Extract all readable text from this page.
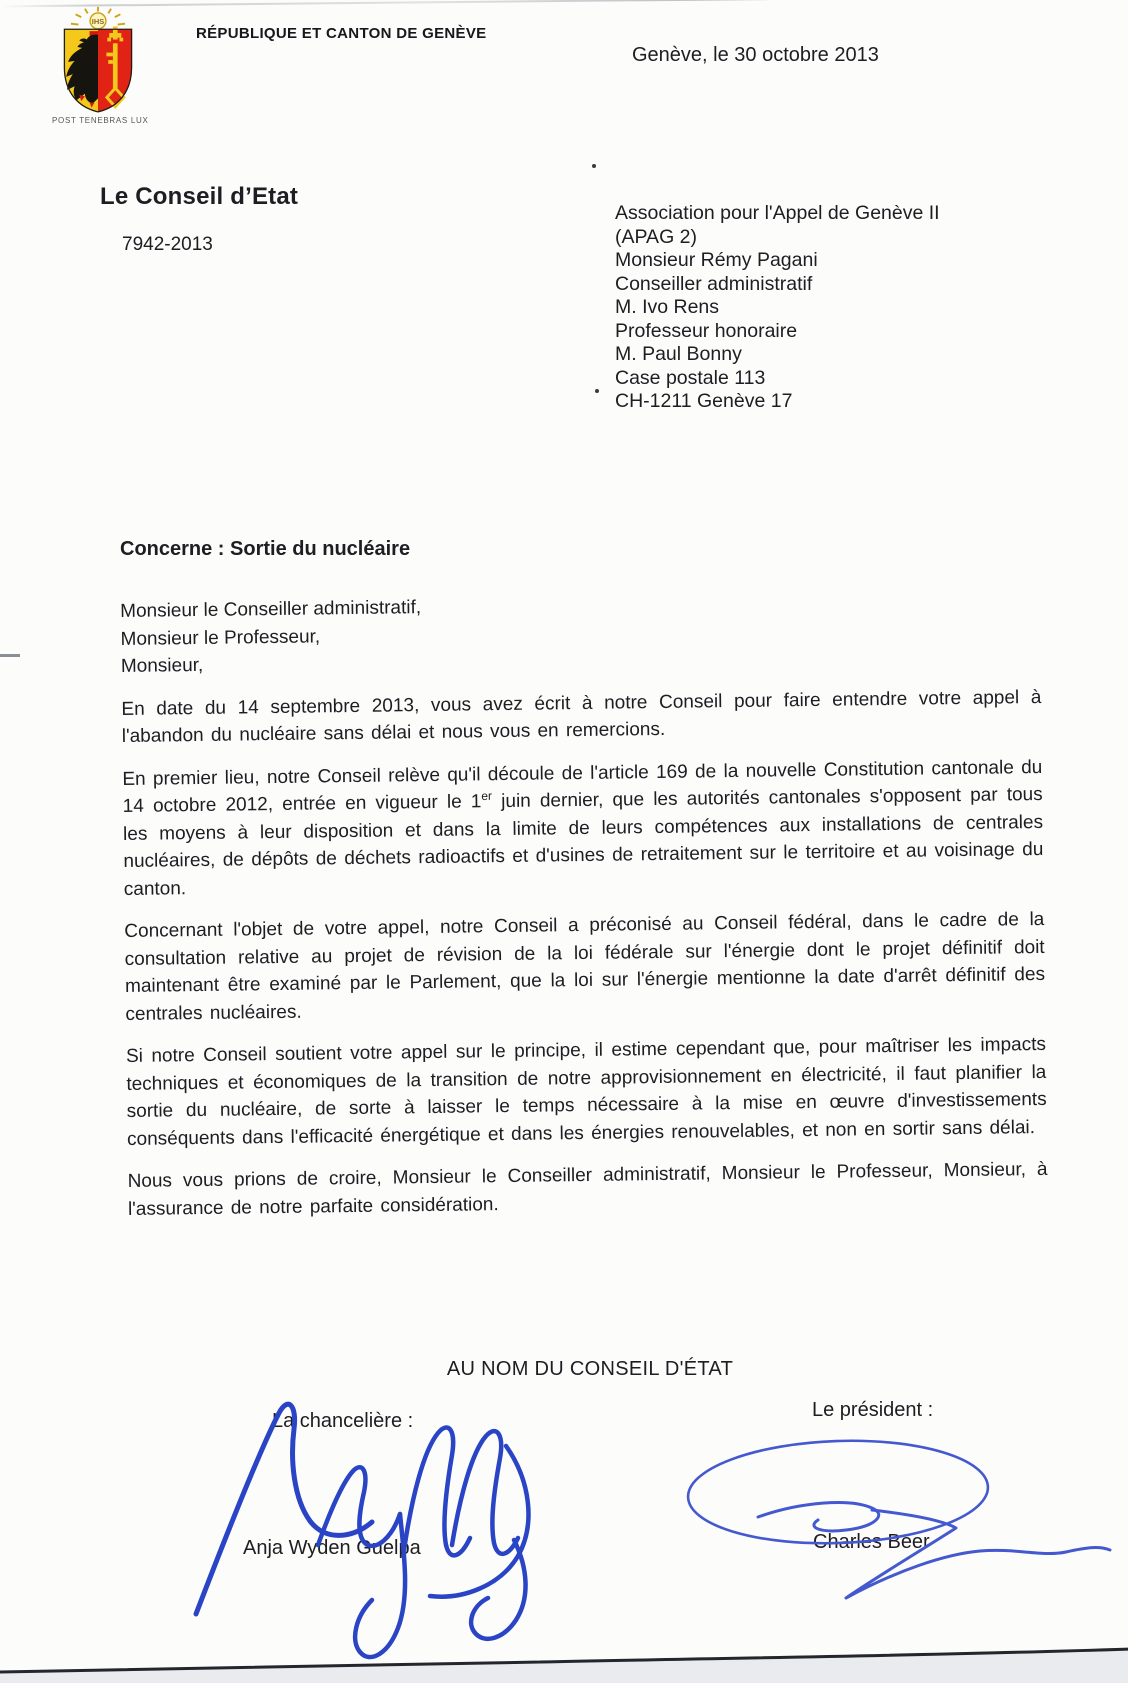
IHS
POST TENEBRAS LUX
RÉPUBLIQUE ET CANTON DE GENÈVE
Genève, le 30 octobre 2013
Le Conseil d’Etat
7942-2013
Association pour l'Appel de Genève II
(APAG 2)
Monsieur Rémy Pagani
Conseiller administratif
M. Ivo Rens
Professeur honoraire
M. Paul Bonny
Case postale 113
CH-1211 Genève 17
Concerne : Sortie du nucléaire
Monsieur le Conseiller administratif,
Monsieur le Professeur,
Monsieur,

En date du 14 septembre 2013, vous avez écrit à notre Conseil pour faire entendre votre appel à l'abandon du nucléaire sans délai et nous vous en remercions.

En premier lieu, notre Conseil relève qu'il découle de l'article 169 de la nouvelle Constitution cantonale du 14 octobre 2012, entrée en vigueur le 1er juin dernier, que les autorités cantonales s'opposent par tous les moyens à leur disposition et dans la limite de leurs compétences aux installations de centrales nucléaires, de dépôts de déchets radioactifs et d'usines de retraitement sur le territoire et au voisinage du canton.

Concernant l'objet de votre appel, notre Conseil a préconisé au Conseil fédéral, dans le cadre de la consultation relative au projet de révision de la loi fédérale sur l'énergie dont le projet définitif doit maintenant être examiné par le Parlement, que la loi sur l'énergie mentionne la date d'arrêt définitif des centrales nucléaires.

Si notre Conseil soutient votre appel sur le principe, il estime cependant que, pour maîtriser les impacts techniques et économiques de la transition de notre approvisionnement en électricité, il faut planifier la sortie du nucléaire, de sorte à laisser le temps nécessaire à la mise en œuvre d'investissements conséquents dans l'efficacité énergétique et dans les énergies renouvelables, et non en sortir sans délai.

Nous vous prions de croire, Monsieur le Conseiller administratif, Monsieur le Professeur, Monsieur, à l'assurance de notre parfaite considération.

AU NOM DU CONSEIL D'ÉTAT
La chancelière :	Le président :
Anja Wyden Guelpa	Charles Beer
